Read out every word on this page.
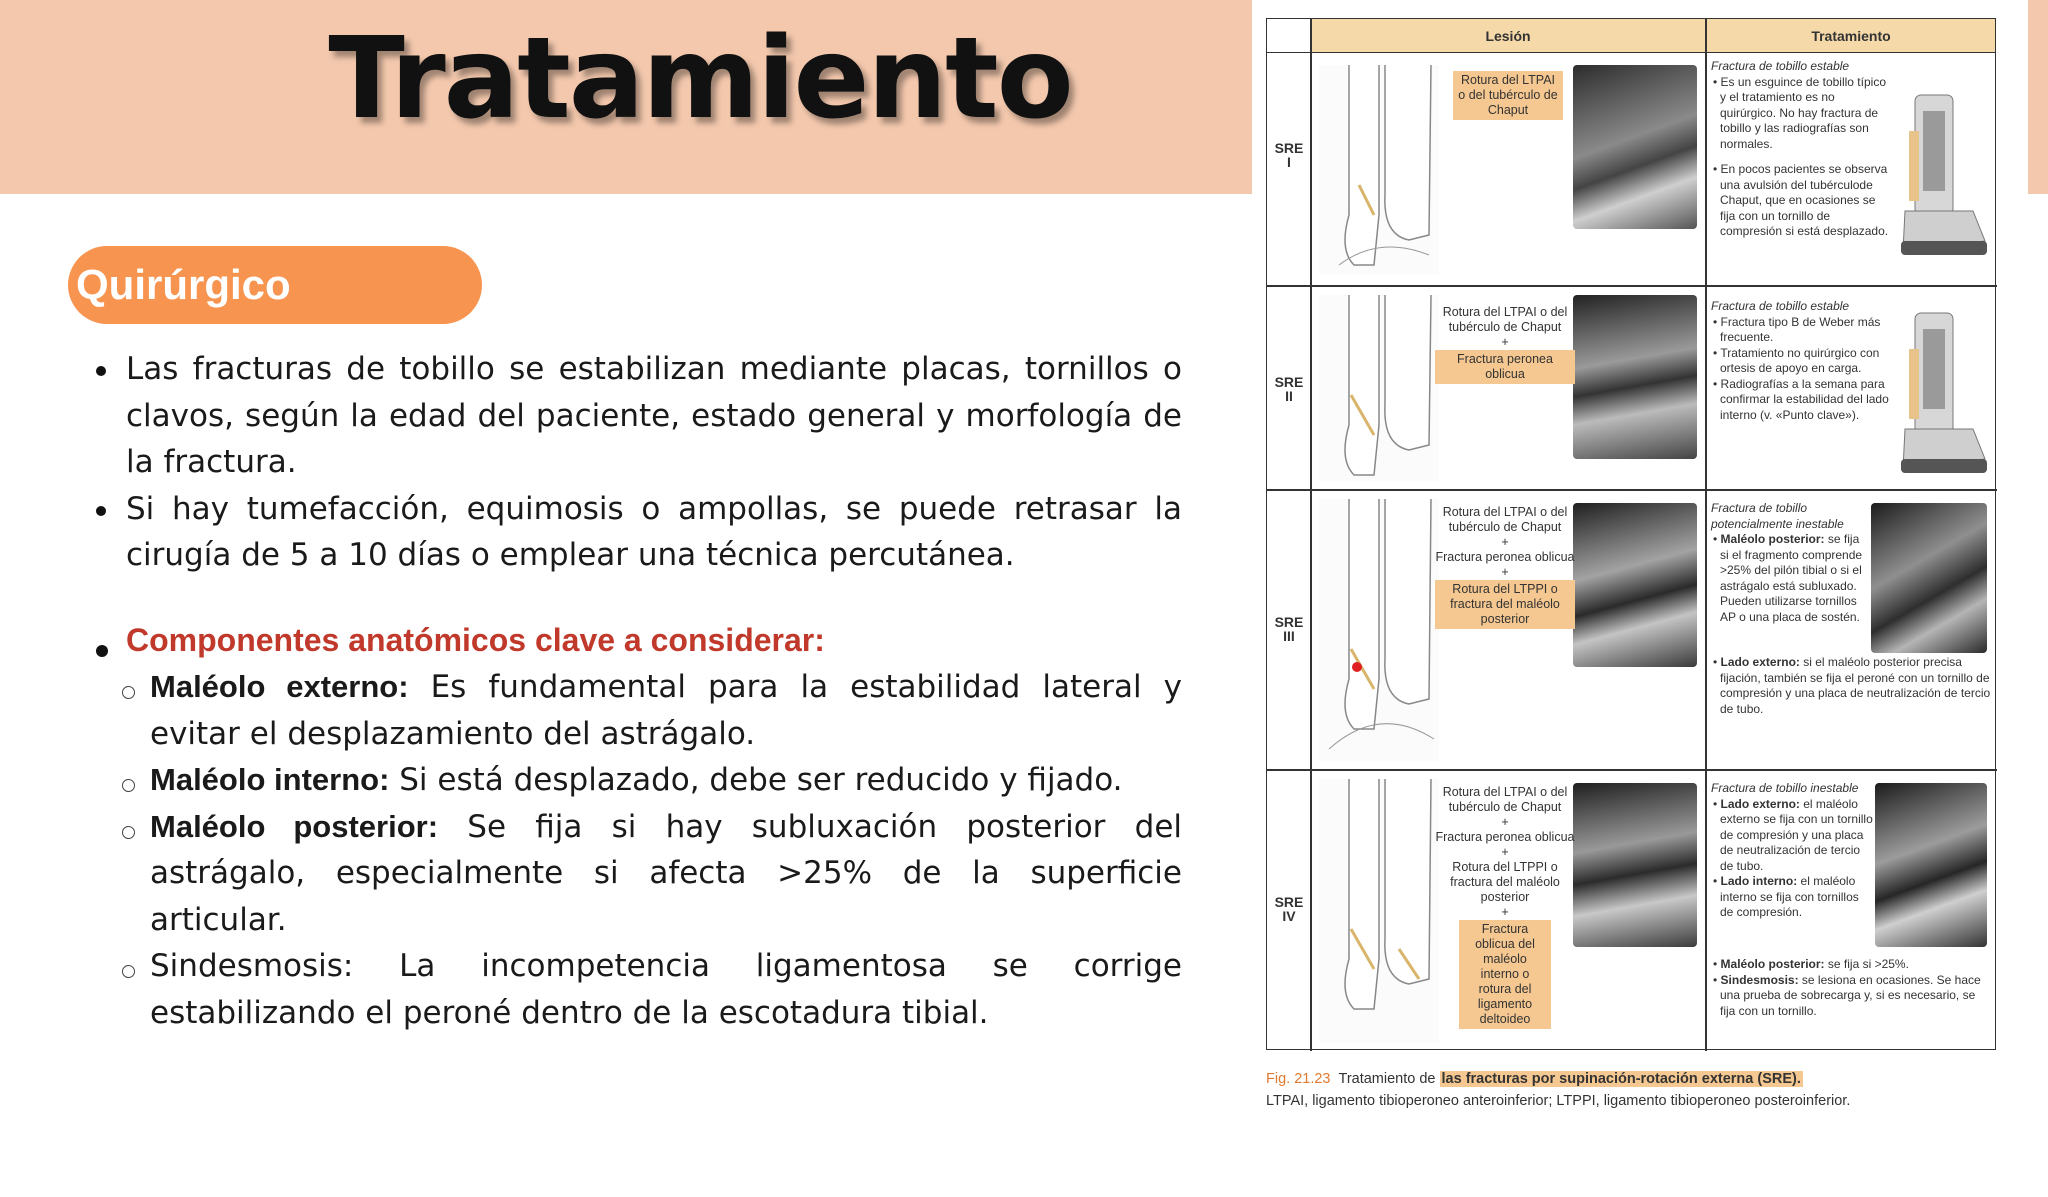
Tratamiento
Quirúrgico
Las fracturas de tobillo se estabilizan mediante placas, tornillos o clavos, según la edad del paciente, estado general y morfología de la fractura.
Si hay tumefacción, equimosis o ampollas, se puede retrasar la cirugía de 5 a 10 días o emplear una técnica percutánea.
Componentes anatómicos clave a considerar:
Maléolo externo: Es fundamental para la estabilidad lateral y evitar el desplazamiento del astrágalo.
Maléolo interno: Si está desplazado, debe ser reducido y fijado.
Maléolo posterior: Se fija si hay subluxación posterior del astrágalo, especialmente si afecta >25% de la superficie articular.
Sindesmosis: La incompetencia ligamentosa se corrige estabilizando el peroné dentro de la escotadura tibial.
Lesión	Tratamiento
SRE
I
Rotura del LTPAI o del tubérculo de Chaput
Fractura de tobillo estable
• Es un esguince de tobillo típico y el tratamiento es no quirúrgico. No hay fractura de tobillo y las radiografías son normales.
• En pocos pacientes se observa una avulsión del tubérculode Chaput, que en ocasiones se fija con un tornillo de compresión si está desplazado.
SRE
II
Rotura del LTPAI o del tubérculo de Chaput
+
Fractura peronea oblicua
Fractura de tobillo estable
• Fractura tipo B de Weber más frecuente.
• Tratamiento no quirúrgico con ortesis de apoyo en carga.
• Radiografías a la semana para confirmar la estabilidad del lado interno (v. «Punto clave»).
SRE
III
Rotura del LTPAI o del tubérculo de Chaput
+
Fractura peronea oblicua
+
Rotura del LTPPI o fractura del maléolo posterior
Fractura de tobillo potencialmente inestable
• Maléolo posterior: se fija si el fragmento comprende >25% del pilón tibial o si el astrágalo está subluxado. Pueden utilizarse tornillos AP o una placa de sostén.
• Lado externo: si el maléolo posterior precisa fijación, también se fija el peroné con un tornillo de compresión y una placa de neutralización de tercio de tubo.
SRE
IV
Rotura del LTPAI o del tubérculo de Chaput
+
Fractura peronea oblicua
+
Rotura del LTPPI o fractura del maléolo posterior
+
Fractura oblicua del maléolo interno o rotura del ligamento deltoideo
Fractura de tobillo inestable
• Lado externo: el maléolo externo se fija con un tornillo de compresión y una placa de neutralización de tercio de tubo.
• Lado interno: el maléolo interno se fija con tornillos de compresión.
• Maléolo posterior: se fija si >25%.
• Sindesmosis: se lesiona en ocasiones. Se hace una prueba de sobrecarga y, si es necesario, se fija con un tornillo.
Fig. 21.23 Tratamiento de las fracturas por supinación-rotación externa (SRE).
LTPAI, ligamento tibioperoneo anteroinferior; LTPPI, ligamento tibioperoneo posteroinferior.
